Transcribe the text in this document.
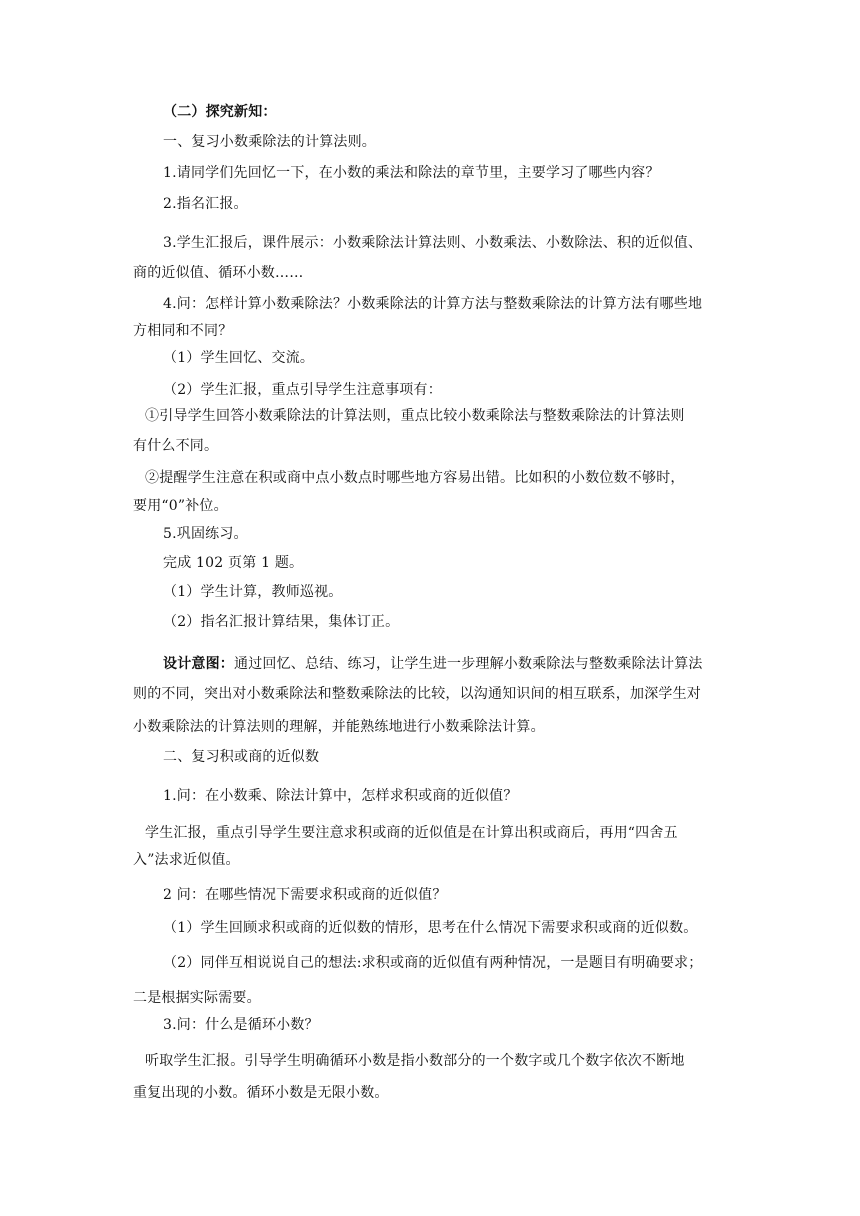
（二）探究新知：
一、复习小数乘除法的计算法则。
1.请同学们先回忆一下，在小数的乘法和除法的章节里，主要学习了哪些内容？
2.指名汇报。
3.学生汇报后，课件展示：小数乘除法计算法则、小数乘法、小数除法、积的近似值、
商的近似值、循环小数……
4.问：怎样计算小数乘除法？小数乘除法的计算方法与整数乘除法的计算方法有哪些地
方相同和不同？
（1）学生回忆、交流。
（2）学生汇报，重点引导学生注意事项有：
①引导学生回答小数乘除法的计算法则，重点比较小数乘除法与整数乘除法的计算法则
有什么不同。
②提醒学生注意在积或商中点小数点时哪些地方容易出错。比如积的小数位数不够时，
要用“0”补位。
5.巩固练习。
完成 102 页第 1 题。
（1）学生计算，教师巡视。
（2）指名汇报计算结果，集体订正。
设计意图：通过回忆、总结、练习，让学生进一步理解小数乘除法与整数乘除法计算法
则的不同，突出对小数乘除法和整数乘除法的比较，以沟通知识间的相互联系，加深学生对
小数乘除法的计算法则的理解，并能熟练地进行小数乘除法计算。
二、复习积或商的近似数
1.问：在小数乘、除法计算中，怎样求积或商的近似值？
学生汇报，重点引导学生要注意求积或商的近似值是在计算出积或商后，再用“四舍五
入”法求近似值。
2 问：在哪些情况下需要求积或商的近似值？
（1）学生回顾求积或商的近似数的情形，思考在什么情况下需要求积或商的近似数。
（2）同伴互相说说自己的想法:求积或商的近似值有两种情况，一是题目有明确要求；
二是根据实际需要。
3.问：什么是循环小数？
听取学生汇报。引导学生明确循环小数是指小数部分的一个数字或几个数字依次不断地
重复出现的小数。循环小数是无限小数。
